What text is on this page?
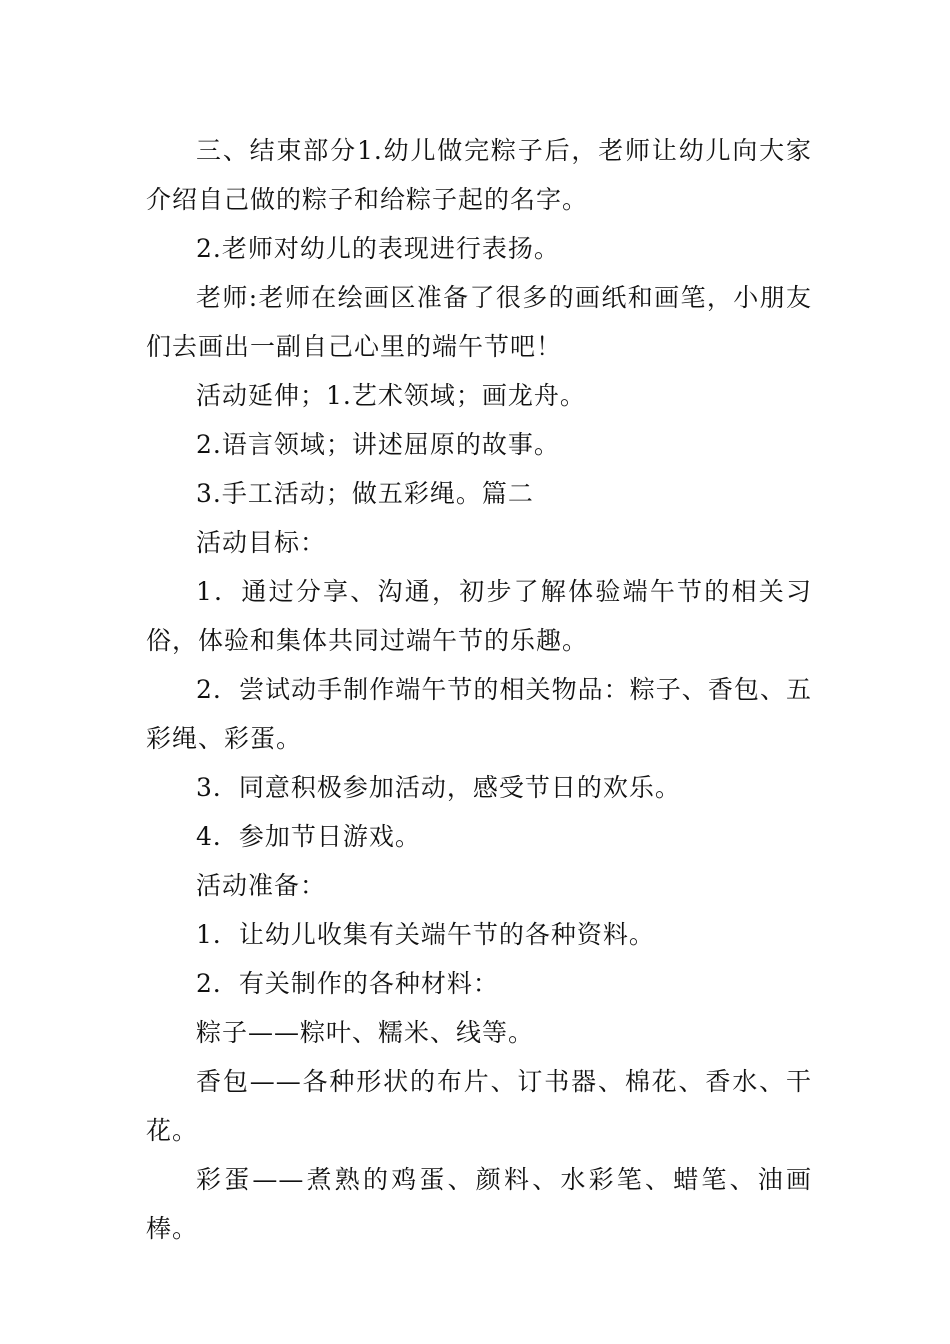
三、结束部分1.幼儿做完粽子后，老师让幼儿向大家介绍自己做的粽子和给粽子起的名字。

2.老师对幼儿的表现进行表扬。

老师:老师在绘画区准备了很多的画纸和画笔，小朋友们去画出一副自己心里的端午节吧！

活动延伸；1.艺术领域；画龙舟。

2.语言领域；讲述屈原的故事。

3.手工活动；做五彩绳。篇二

活动目标：

1．通过分享、沟通，初步了解体验端午节的相关习俗，体验和集体共同过端午节的乐趣。

2．尝试动手制作端午节的相关物品：粽子、香包、五彩绳、彩蛋。

3．同意积极参加活动，感受节日的欢乐。

4．参加节日游戏。

活动准备：

1．让幼儿收集有关端午节的各种资料。

2．有关制作的各种材料：

粽子——粽叶、糯米、线等。

香包——各种形状的布片、订书器、棉花、香水、干花。

彩蛋——煮熟的鸡蛋、颜料、水彩笔、蜡笔、油画棒。
